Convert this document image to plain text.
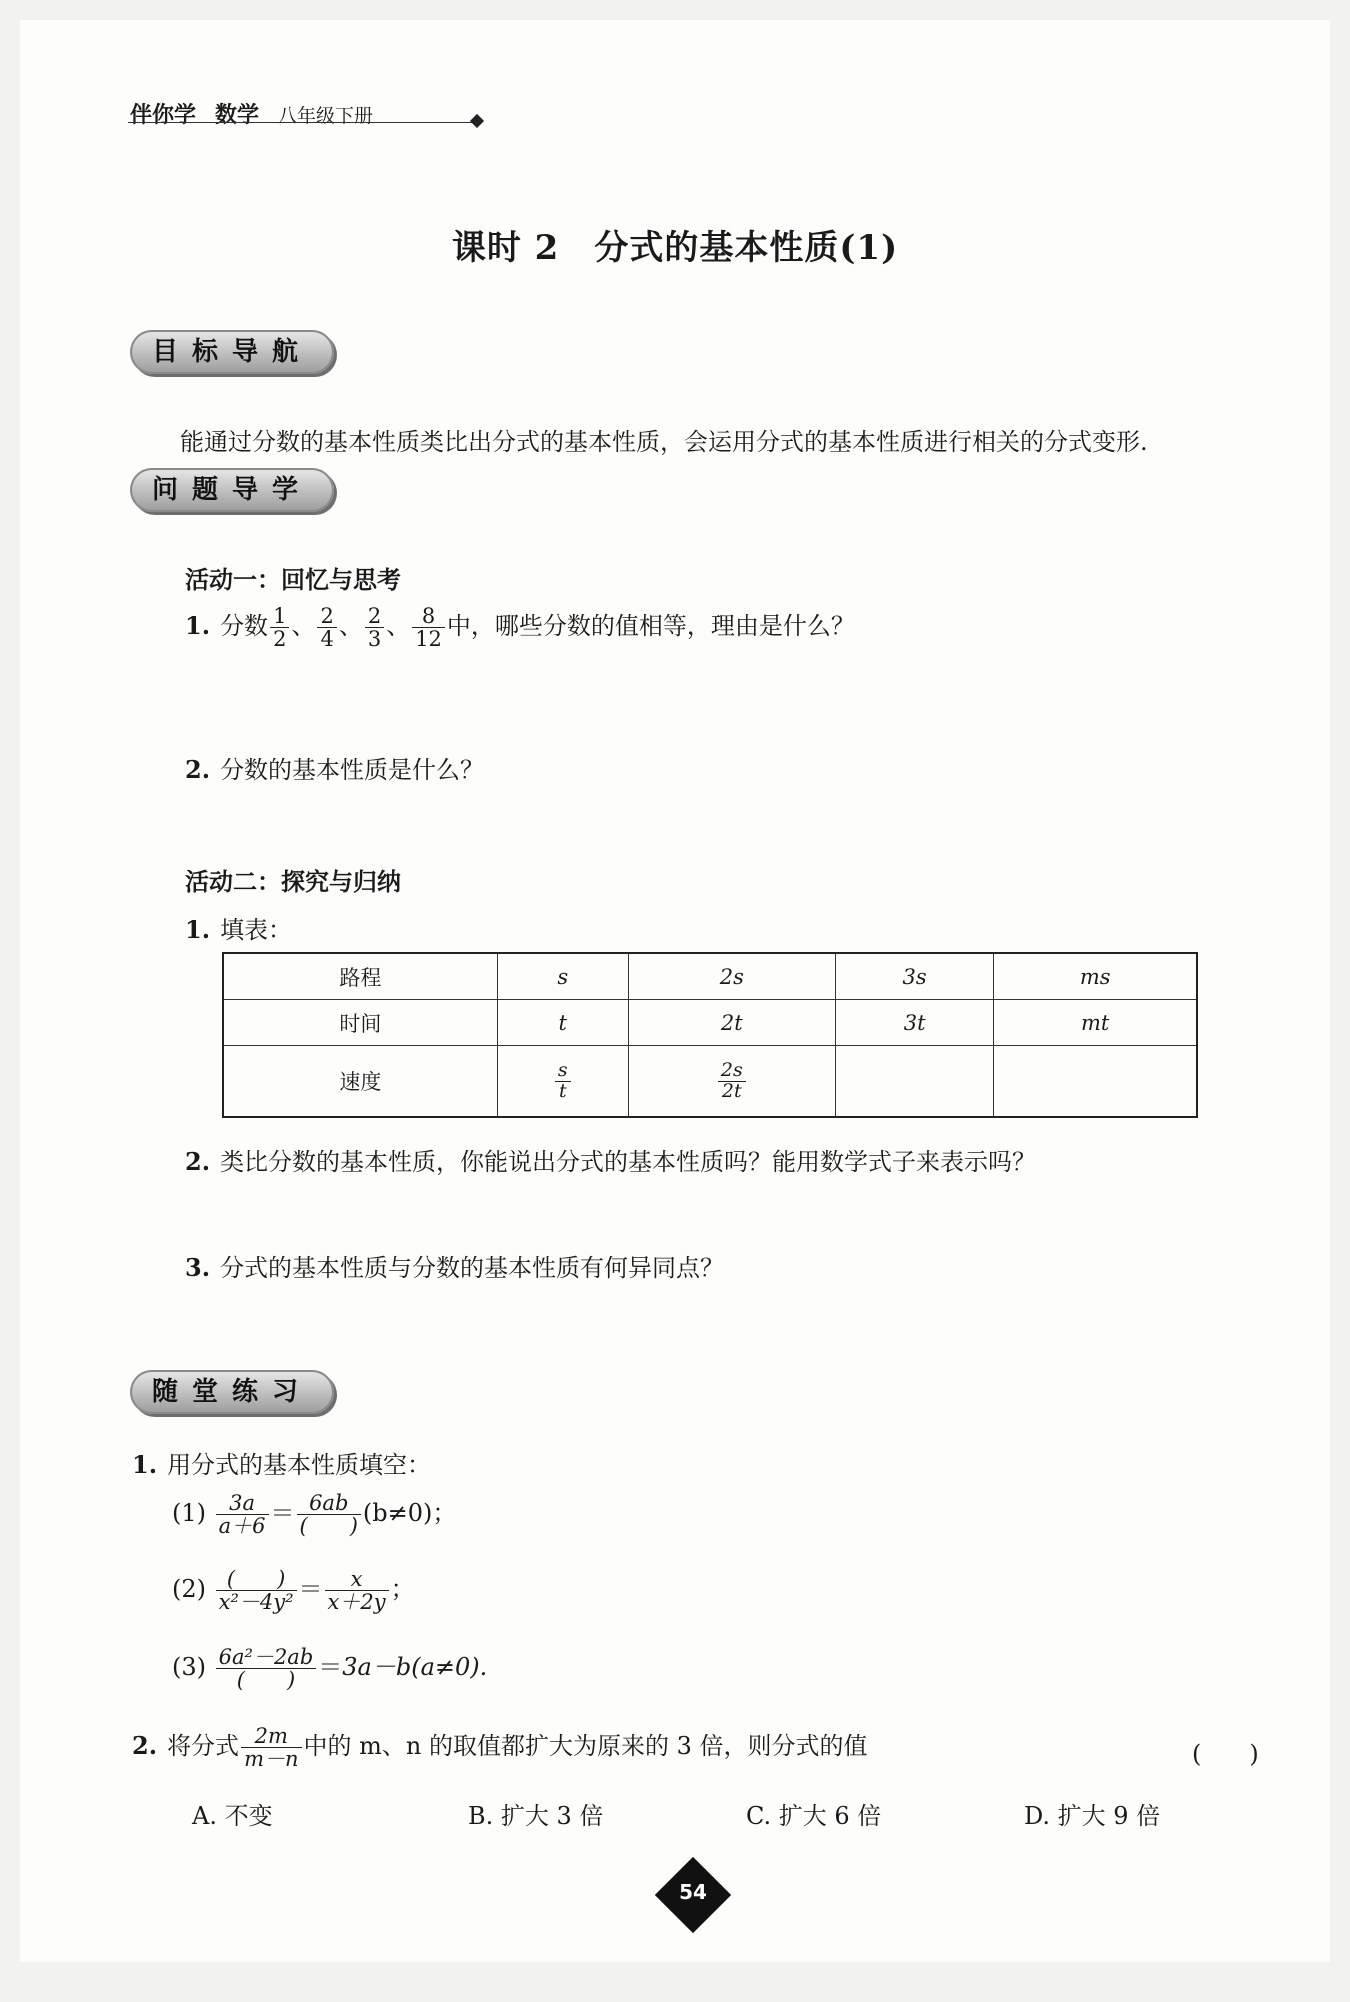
伴你学 数学 八年级下册
课时 2　分式的基本性质(1)
目标导航
能通过分数的基本性质类比出分式的基本性质，会运用分式的基本性质进行相关的分式变形.
问题导学
活动一：回忆与思考
1. 分数 $\frac{1}{2}$ 、 $\frac{2}{4}$ 、 $\frac{2}{3}$ 、 $\frac{8}{12}$ 中，哪些分数的值相等，理由是什么？
2. 分数的基本性质是什么？
活动二：探究与归纳
1. 填表：
路程	s	2s	3s	ms
时间	t	2t	3t	mt
速度	$\frac{s}{t}$	$\frac{2s}{2t}$

2. 类比分数的基本性质，你能说出分式的基本性质吗？能用数学式子来表示吗？
3. 分式的基本性质与分数的基本性质有何异同点？
随堂练习
1. 用分式的基本性质填空：
$(1) \frac{3a}{a+6} = \frac{6ab}{( )} (b\ne 0)$；
$(2) \frac{( )}{\text{x²－4y²}} = \frac{x}{x+2y}$ ；
$(3) \frac{\text{6a²－2ab}}{( )} =3a-b(a\ne 0)$.
2. 将分式 $\frac{2m}{m-n}$ 中的 m、n 的取值都扩大为原来的 3 倍，则分式的值	(　　)
A. 不变	B. 扩大 3 倍	C. 扩大 6 倍	D. 扩大 9 倍
54
